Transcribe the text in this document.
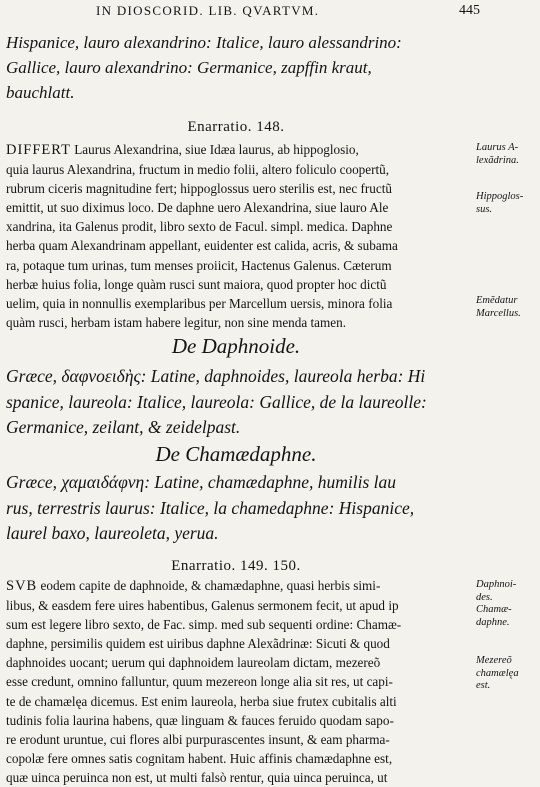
IN DIOSCORID. LIB. QVARTVM.	445
Hispanice, lauro alexandrino: Italice, lauro alessandrino:
Gallice, lauro alexandrino: Germanice, zapffin kraut,
bauchlatt.
Enarratio. 148.
DIFFERT Laurus Alexandrina, siue Idæa laurus, ab hippoglosio,
quia laurus Alexandrina, fructum in medio folii, altero foliculo coopertũ,
rubrum ciceris magnitudine fert; hippoglossus uero sterilis est, nec fructũ
emittit, ut suo diximus loco. De daphne uero Alexandrina, siue lauro Ale
xandrina, ita Galenus prodit, libro sexto de Facul. simpl. medica. Daphne
herba quam Alexandrinam appellant, euidenter est calida, acris, & subama
ra, potaque tum urinas, tum menses proiicit, Hactenus Galenus. Cæterum
herbæ huius folia, longe quàm rusci sunt maiora, quod propter hoc dictũ
uelim, quia in nonnullis exemplaribus per Marcellum uersis, minora folia
quàm rusci, herbam istam habere legitur, non sine menda tamen.
De Daphnoide.
Græce, δαφνοειδὴς: Latine, daphnoides, laureola herba: Hi
spanice, laureola: Italice, laureola: Gallice, de la laureolle:
Germanice, zeilant, & zeidelpast.
De Chamædaphne.
Græce, χαμαιδάφνη: Latine, chamædaphne, humilis lau
rus, terrestris laurus: Italice, la chamedaphne: Hispanice,
laurel baxo, laureoleta, yerua.
Enarratio. 149. 150.
SVB eodem capite de daphnoide, & chamædaphne, quasi herbis simi-
libus, & easdem fere uires habentibus, Galenus sermonem fecit, ut apud ip
sum est legere libro sexto, de Fac. simp. med sub sequenti ordine: Chamæ-
daphne, persimilis quidem est uiribus daphne Alexãdrinæ: Sicuti & quod
daphnoides uocant; uerum qui daphnoidem laureolam dictam, mezereõ
esse credunt, omnino falluntur, quum mezereon longe alia sit res, ut capi-
te de chamælęa dicemus. Est enim laureola, herba siue frutex cubitalis alti
tudinis folia laurina habens, quæ linguam & fauces feruido quodam sapo-
re erodunt uruntue, cui flores albi purpurascentes insunt, & eam pharma-
copolæ fere omnes satis cognitam habent. Huic affinis chamædaphne est,
quæ uinca peruinca non est, ut multi falsò rentur, quia uinca peruinca, ut
Laurus A-
lexãdrina.
Hippoglos-
sus.
Emẽdatur
Marcellus.
Daphnoi-
des.
Chamæ-
daphne.
Mezereõ
chamælęa
est.
